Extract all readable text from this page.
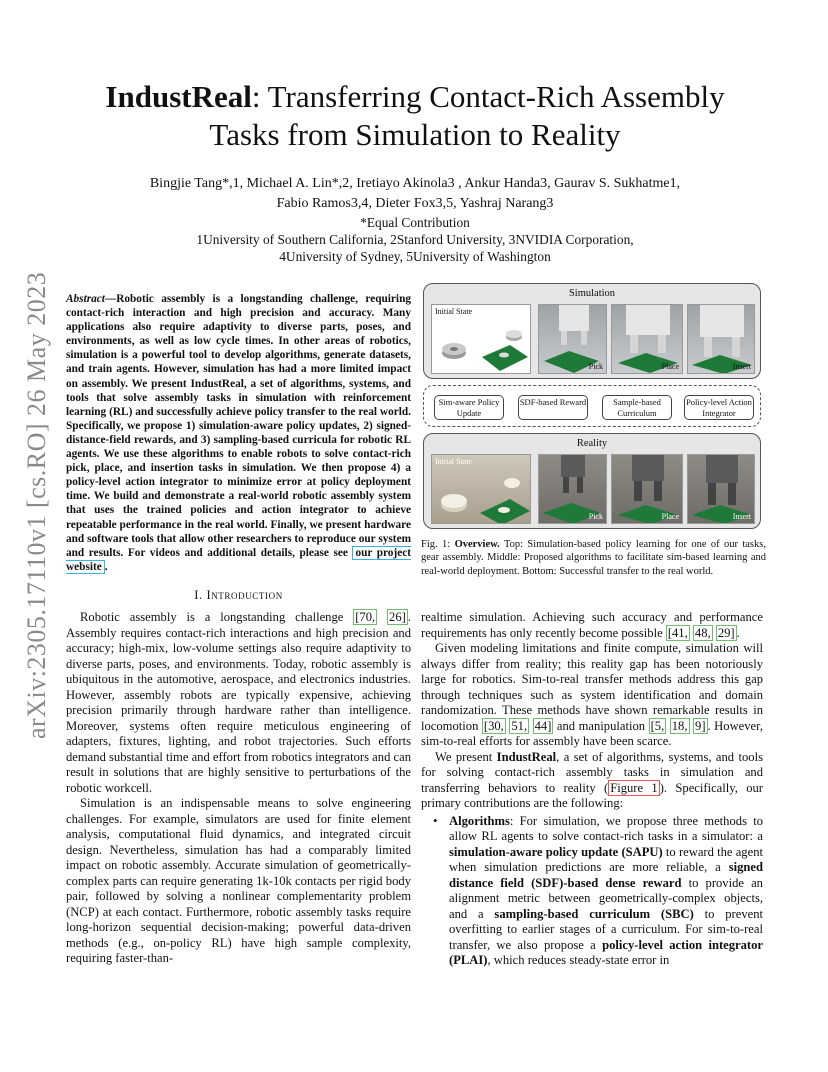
arXiv:2305.17110v1 [cs.RO] 26 May 2023
IndustReal: Transferring Contact-Rich Assembly Tasks from Simulation to Reality
Bingjie Tang*,1, Michael A. Lin*,2, Iretiayo Akinola3 , Ankur Handa3, Gaurav S. Sukhatme1,
Fabio Ramos3,4, Dieter Fox3,5, Yashraj Narang3
*Equal Contribution
1University of Southern California, 2Stanford University, 3NVIDIA Corporation,
4University of Sydney, 5University of Washington
Abstract—Robotic assembly is a longstanding challenge, requiring contact-rich interaction and high precision and accuracy. Many applications also require adaptivity to diverse parts, poses, and environments, as well as low cycle times. In other areas of robotics, simulation is a powerful tool to develop algorithms, generate datasets, and train agents. However, simulation has had a more limited impact on assembly. We present IndustReal, a set of algorithms, systems, and tools that solve assembly tasks in simulation with reinforcement learning (RL) and successfully achieve policy transfer to the real world. Specifically, we propose 1) simulation-aware policy updates, 2) signed-distance-field rewards, and 3) sampling-based curricula for robotic RL agents. We use these algorithms to enable robots to solve contact-rich pick, place, and insertion tasks in simulation. We then propose 4) a policy-level action integrator to minimize error at policy deployment time. We build and demonstrate a real-world robotic assembly system that uses the trained policies and action integrator to achieve repeatable performance in the real world. Finally, we present hardware and software tools that allow other researchers to reproduce our system and results. For videos and additional details, please see our project website .
Simulation
Initial State
Pick	Place	Insert
Sim-aware Policy Update
SDF-based Reward	Sample-based Curriculum
Policy-level Action Integrator
Reality
Initial State
Pick	Place	Insert
Fig. 1: Overview. Top: Simulation-based policy learning for one of our tasks, gear assembly. Middle: Proposed algorithms to facilitate sim-based learning and real-world deployment. Bottom: Successful transfer to the real world.
I. Introduction

Robotic assembly is a longstanding challenge [70, 26] . Assembly requires contact-rich interactions and high precision and accuracy; high-mix, low-volume settings also require adaptivity to diverse parts, poses, and environments. Today, robotic assembly is ubiquitous in the automotive, aerospace, and electronics industries. However, assembly robots are typically expensive, achieving precision primarily through hardware rather than intelligence. Moreover, systems often require meticulous engineering of adapters, fixtures, lighting, and robot trajectories. Such efforts demand substantial time and effort from robotics integrators and can result in solutions that are highly sensitive to perturbations of the robotic workcell.

Simulation is an indispensable means to solve engineering challenges. For example, simulators are used for finite element analysis, computational fluid dynamics, and integrated circuit design. Nevertheless, simulation has had a comparably limited impact on robotic assembly. Accurate simulation of geometrically-complex parts can require generating 1k-10k contacts per rigid body pair, followed by solving a nonlinear complementarity problem (NCP) at each contact. Furthermore, robotic assembly tasks require long-horizon sequential decision-making; powerful data-driven methods (e.g., on-policy RL) have high sample complexity, requiring faster-than-

realtime simulation. Achieving such accuracy and performance requirements has only recently become possible [41, 48, 29] .

Given modeling limitations and finite compute, simulation will always differ from reality; this reality gap has been notoriously large for robotics. Sim-to-real transfer methods address this gap through techniques such as system identification and domain randomization. These methods have shown remarkable results in locomotion [30, 51, 44] and manipulation [5, 18, 9] . However, sim-to-real efforts for assembly have been scarce.

We present IndustReal, a set of algorithms, systems, and tools for solving contact-rich assembly tasks in simulation and transferring behaviors to reality ( Figure 1 ). Specifically, our primary contributions are the following:

• Algorithms: For simulation, we propose three methods to allow RL agents to solve contact-rich tasks in a simulator: a simulation-aware policy update (SAPU) to reward the agent when simulation predictions are more reliable, a signed distance field (SDF)-based dense reward to provide an alignment metric between geometrically-complex objects, and a sampling-based curriculum (SBC) to prevent overfitting to earlier stages of a curriculum. For sim-to-real transfer, we also propose a policy-level action integrator (PLAI), which reduces steady-state error in
